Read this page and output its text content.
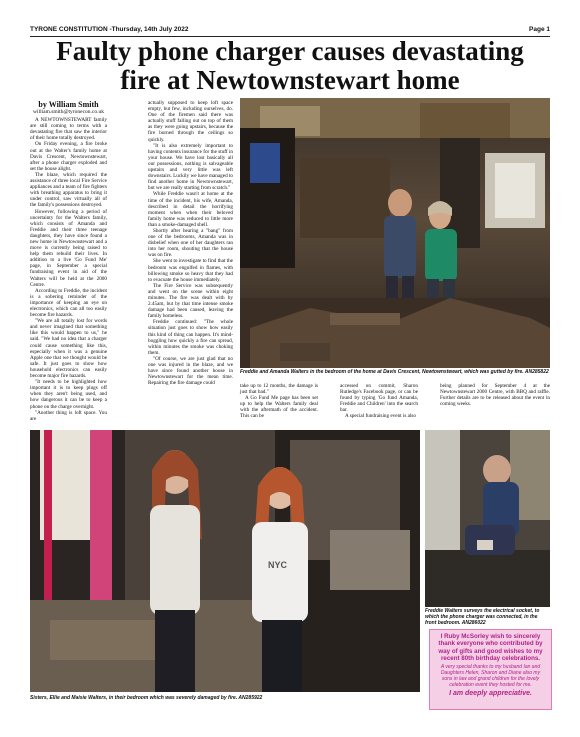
TYRONE CONSTITUTION -Thursday, 14th July 2022	Page 1
Faulty phone charger causes devastating
fire at Newtownstewart home
by William Smith
william.smith@tyronecon.co.uk

A NEWTOWNSTEWART family are still coming to terms with a devastating fire that saw the interior of their home totally destroyed.

On Friday evening, a fire broke out at the Walter's family home at Davis Crescent, Newtownstewart, after a phone charger exploded and set the house alight.

The blaze, which required the assistance of three local Fire Service appliances and a team of fire fighters with breathing apparatus to bring it under control, saw virtually all of the family's possessions destroyed.

However, following a period of uncertainty for the Walters family, which consists of Amanda and Freddie and their three teenage daughters, they have since found a new home in Newtownstewart and a move is currently being raised to help them rebuild their lives. In addition to a live 'Go Fund Me' page, in September a special fundraising event in aid of the Walters will be held at the 2000 Centre.

According to Freddie, the incident is a sobering reminder of the importance of keeping an eye on electronics, which can all too easily become fire hazards.

"We are all totally lost for words and never imagined that something like this would happen to us," he said. "We had no idea that a charger could cause something like this, especially when it was a genuine Apple one that we thought would be safe. It just goes to show how household electronics can easily become major fire hazards.

"It needs to be highlighted how important it is to keep plugs off when they aren't being used, and how dangerous it can be to keep a phone on the charge overnight.

"Another thing is loft space. You are

actually supposed to keep loft space empty, but few, including ourselves, do. One of the firemen said there was actually stuff falling out on top of them as they were going upstairs, because the fire burned through the ceilings so quickly.

"It is also extremely important to having contents insurance for the stuff in your house. We have lost basically all our possessions, nothing is salvageable upstairs and very little was left downstairs. Luckily we have managed to find another home in Newtownstewart, but we are really starting from scratch."

While Freddie wasn't at home at the time of the incident, his wife, Amanda, described in detail the horrifying moment when when their beloved family home was reduced to little more than a smoke-damaged shell.

Shortly after hearing a "bang" from one of the bedrooms, Amanda was in disbelief when one of her daughters ran into her room, shouting that the house was on fire.

She went to investigate to find that the bedroom was engulfed in flames, with billowing smoke so heavy that they had to evacuate the house immediately.

The Fire Service was subsequently and went on the scene within eight minutes. The fire was dealt with by 2.45am, but by that time intense smoke damage had been caused, leaving the family homeless.

Freddie continued: "The whole situation just goes to show how easily this kind of thing can happen. It's mind-boggling how quickly a fire can spread, within minutes the smoke was choking them.

"Of course, we are just glad that no one was injured in the blaze, and we have since found another house in Newtownstewart for the mean time. Repairing the fire damage could

Freddie and Amanda Walters in the bedroom of the home at Davis Crescent, Newtownstewart, which was gutted by fire. AN285822

take up to 12 months, the damage is just that bad."

A Go Fund Me page has been set up to help the Walters family deal with the aftermath of the accident. This can be

accessed on commit, Sharon Rutledge's Facebook page, or can be found by typing 'Go fund Amanda, Freddie and Children' into the search bar.

A special fundraising event is also

being planned for September 4 at the Newtownstewart 2000 Centre, with BBQ and raffle. Further details are to be released about the event in coming weeks.

NYC
Sisters, Ellie and Maisie Walters, in their bedroom which was severely damaged by fire. AN285922
Freddie Walters surveys the electrical socket, to which the phone charger was connected, in the front bedroom. AN286022
I Ruby McSorley wish to sincerely thank everyone who contributed by way of gifts and good wishes to my recent 80th birthday celebrations.
A very special thanks to my husband Ian and Daughters Helen, Sharon and Diane also my sons in law and grand children for the lovely celebration event they hosted for me.
I am deeply appreciative.
